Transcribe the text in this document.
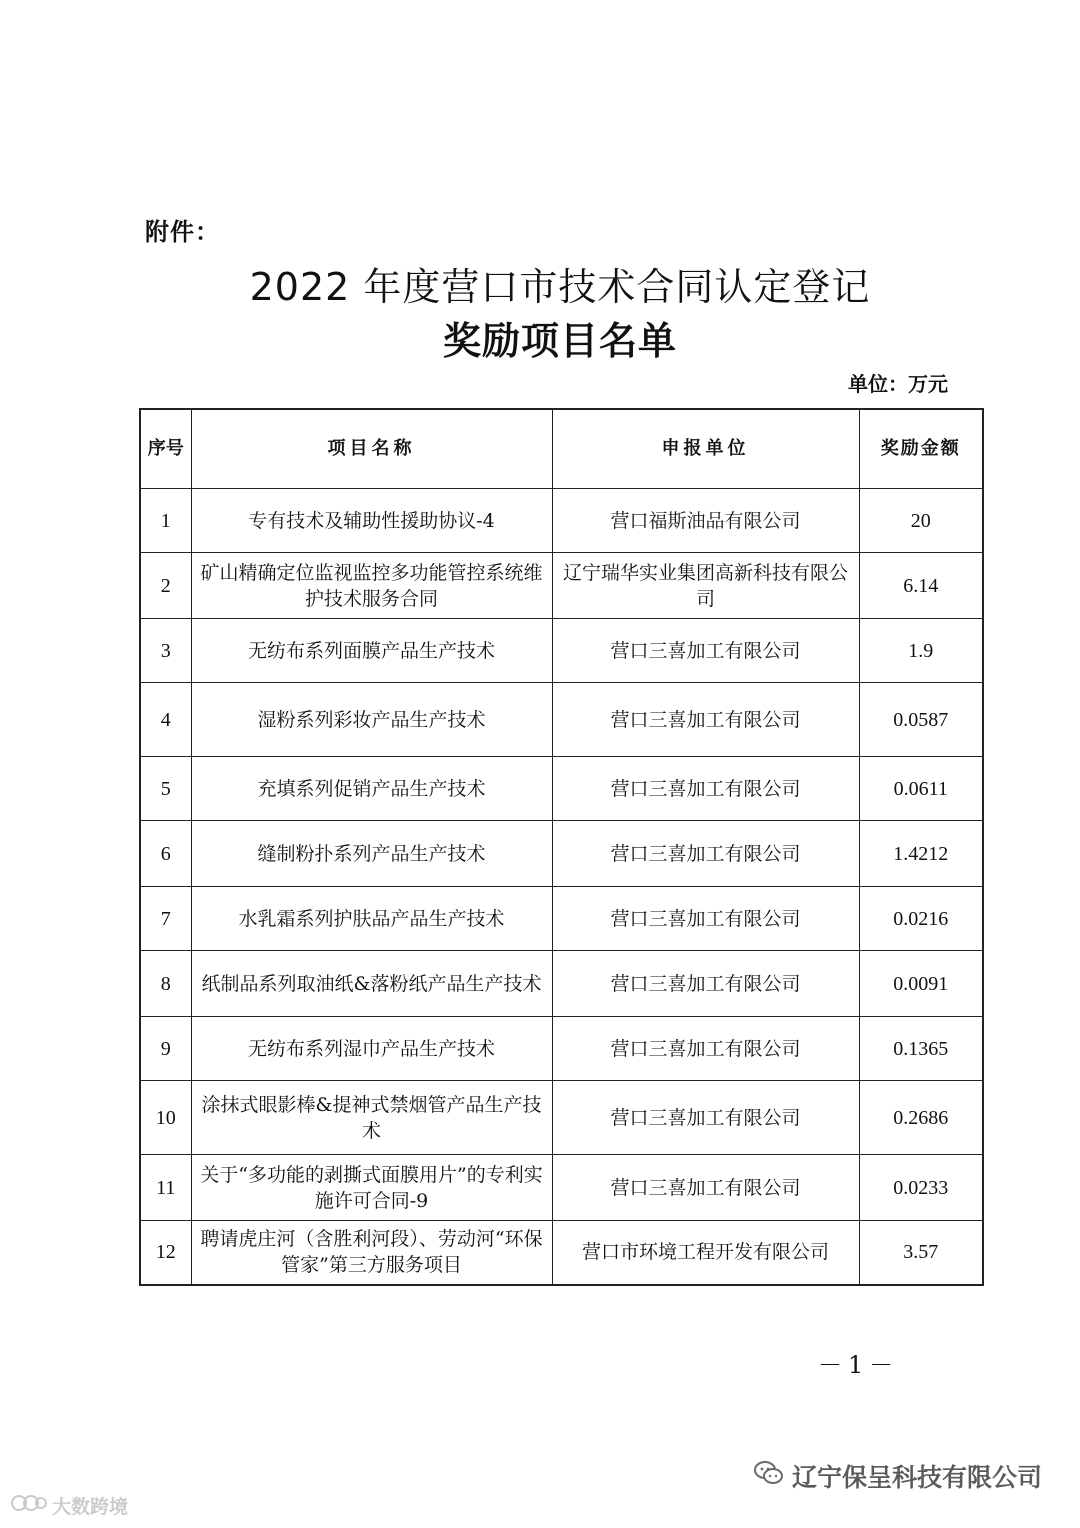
附件：
2022 年度营口市技术合同认定登记
奖励项目名单
单位：万元
序号	项目名称	申报单位	奖励金额
1	专有技术及辅助性援助协议-4	营口福斯油品有限公司	20
2	矿山精确定位监视监控多功能管控系统维护技术服务合同	辽宁瑞华实业集团高新科技有限公司	6.14
3	无纺布系列面膜产品生产技术	营口三喜加工有限公司	1.9
4	湿粉系列彩妆产品生产技术	营口三喜加工有限公司	0.0587
5	充填系列促销产品生产技术	营口三喜加工有限公司	0.0611
6	缝制粉扑系列产品生产技术	营口三喜加工有限公司	1.4212
7	水乳霜系列护肤品产品生产技术	营口三喜加工有限公司	0.0216
8	纸制品系列取油纸&落粉纸产品生产技术	营口三喜加工有限公司	0.0091
9	无纺布系列湿巾产品生产技术	营口三喜加工有限公司	0.1365
10	涂抹式眼影棒&提神式禁烟管产品生产技术	营口三喜加工有限公司	0.2686
11	关于“多功能的剥撕式面膜用片”的专利实施许可合同-9	营口三喜加工有限公司	0.0233
12	聘请虎庄河（含胜利河段）、劳动河“环保管家”第三方服务项目	营口市环境工程开发有限公司	3.57
－1－
辽宁保呈科技有限公司
大数跨境
